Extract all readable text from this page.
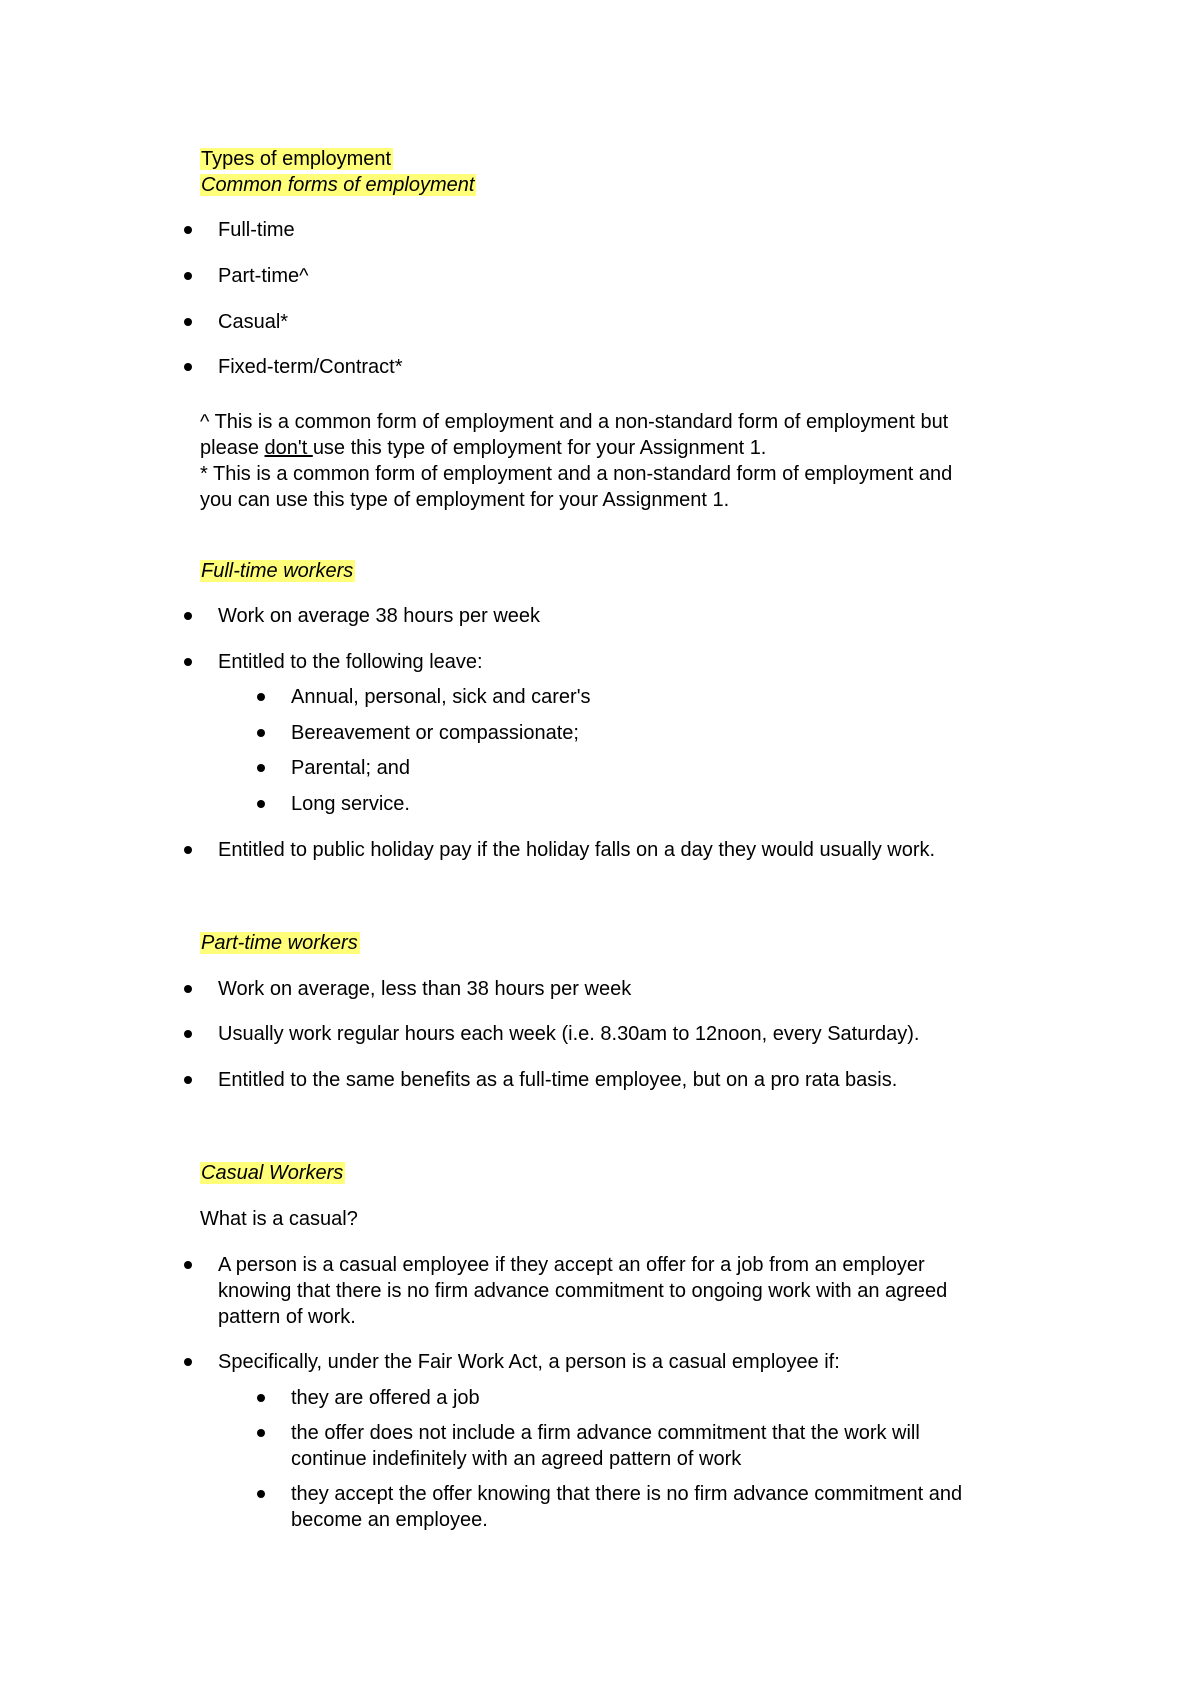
Types of employment
Common forms of employment
Full-time
Part-time^
Casual*
Fixed-term/Contract*
^ This is a common form of employment and a non-standard form of employment but
please don't use this type of employment for your Assignment 1.
* This is a common form of employment and a non-standard form of employment and
you can use this type of employment for your Assignment 1.
Full-time workers
Work on average 38 hours per week
Entitled to the following leave:
Annual, personal, sick and carer's
Bereavement or compassionate;
Parental; and
Long service.
Entitled to public holiday pay if the holiday falls on a day they would usually work.
Part-time workers
Work on average, less than 38 hours per week
Usually work regular hours each week (i.e. 8.30am to 12noon, every Saturday).
Entitled to the same benefits as a full-time employee, but on a pro rata basis.
Casual Workers
What is a casual?
A person is a casual employee if they accept an offer for a job from an employer
knowing that there is no firm advance commitment to ongoing work with an agreed
pattern of work.
Specifically, under the Fair Work Act, a person is a casual employee if:
they are offered a job
the offer does not include a firm advance commitment that the work will
continue indefinitely with an agreed pattern of work
they accept the offer knowing that there is no firm advance commitment and
become an employee.
